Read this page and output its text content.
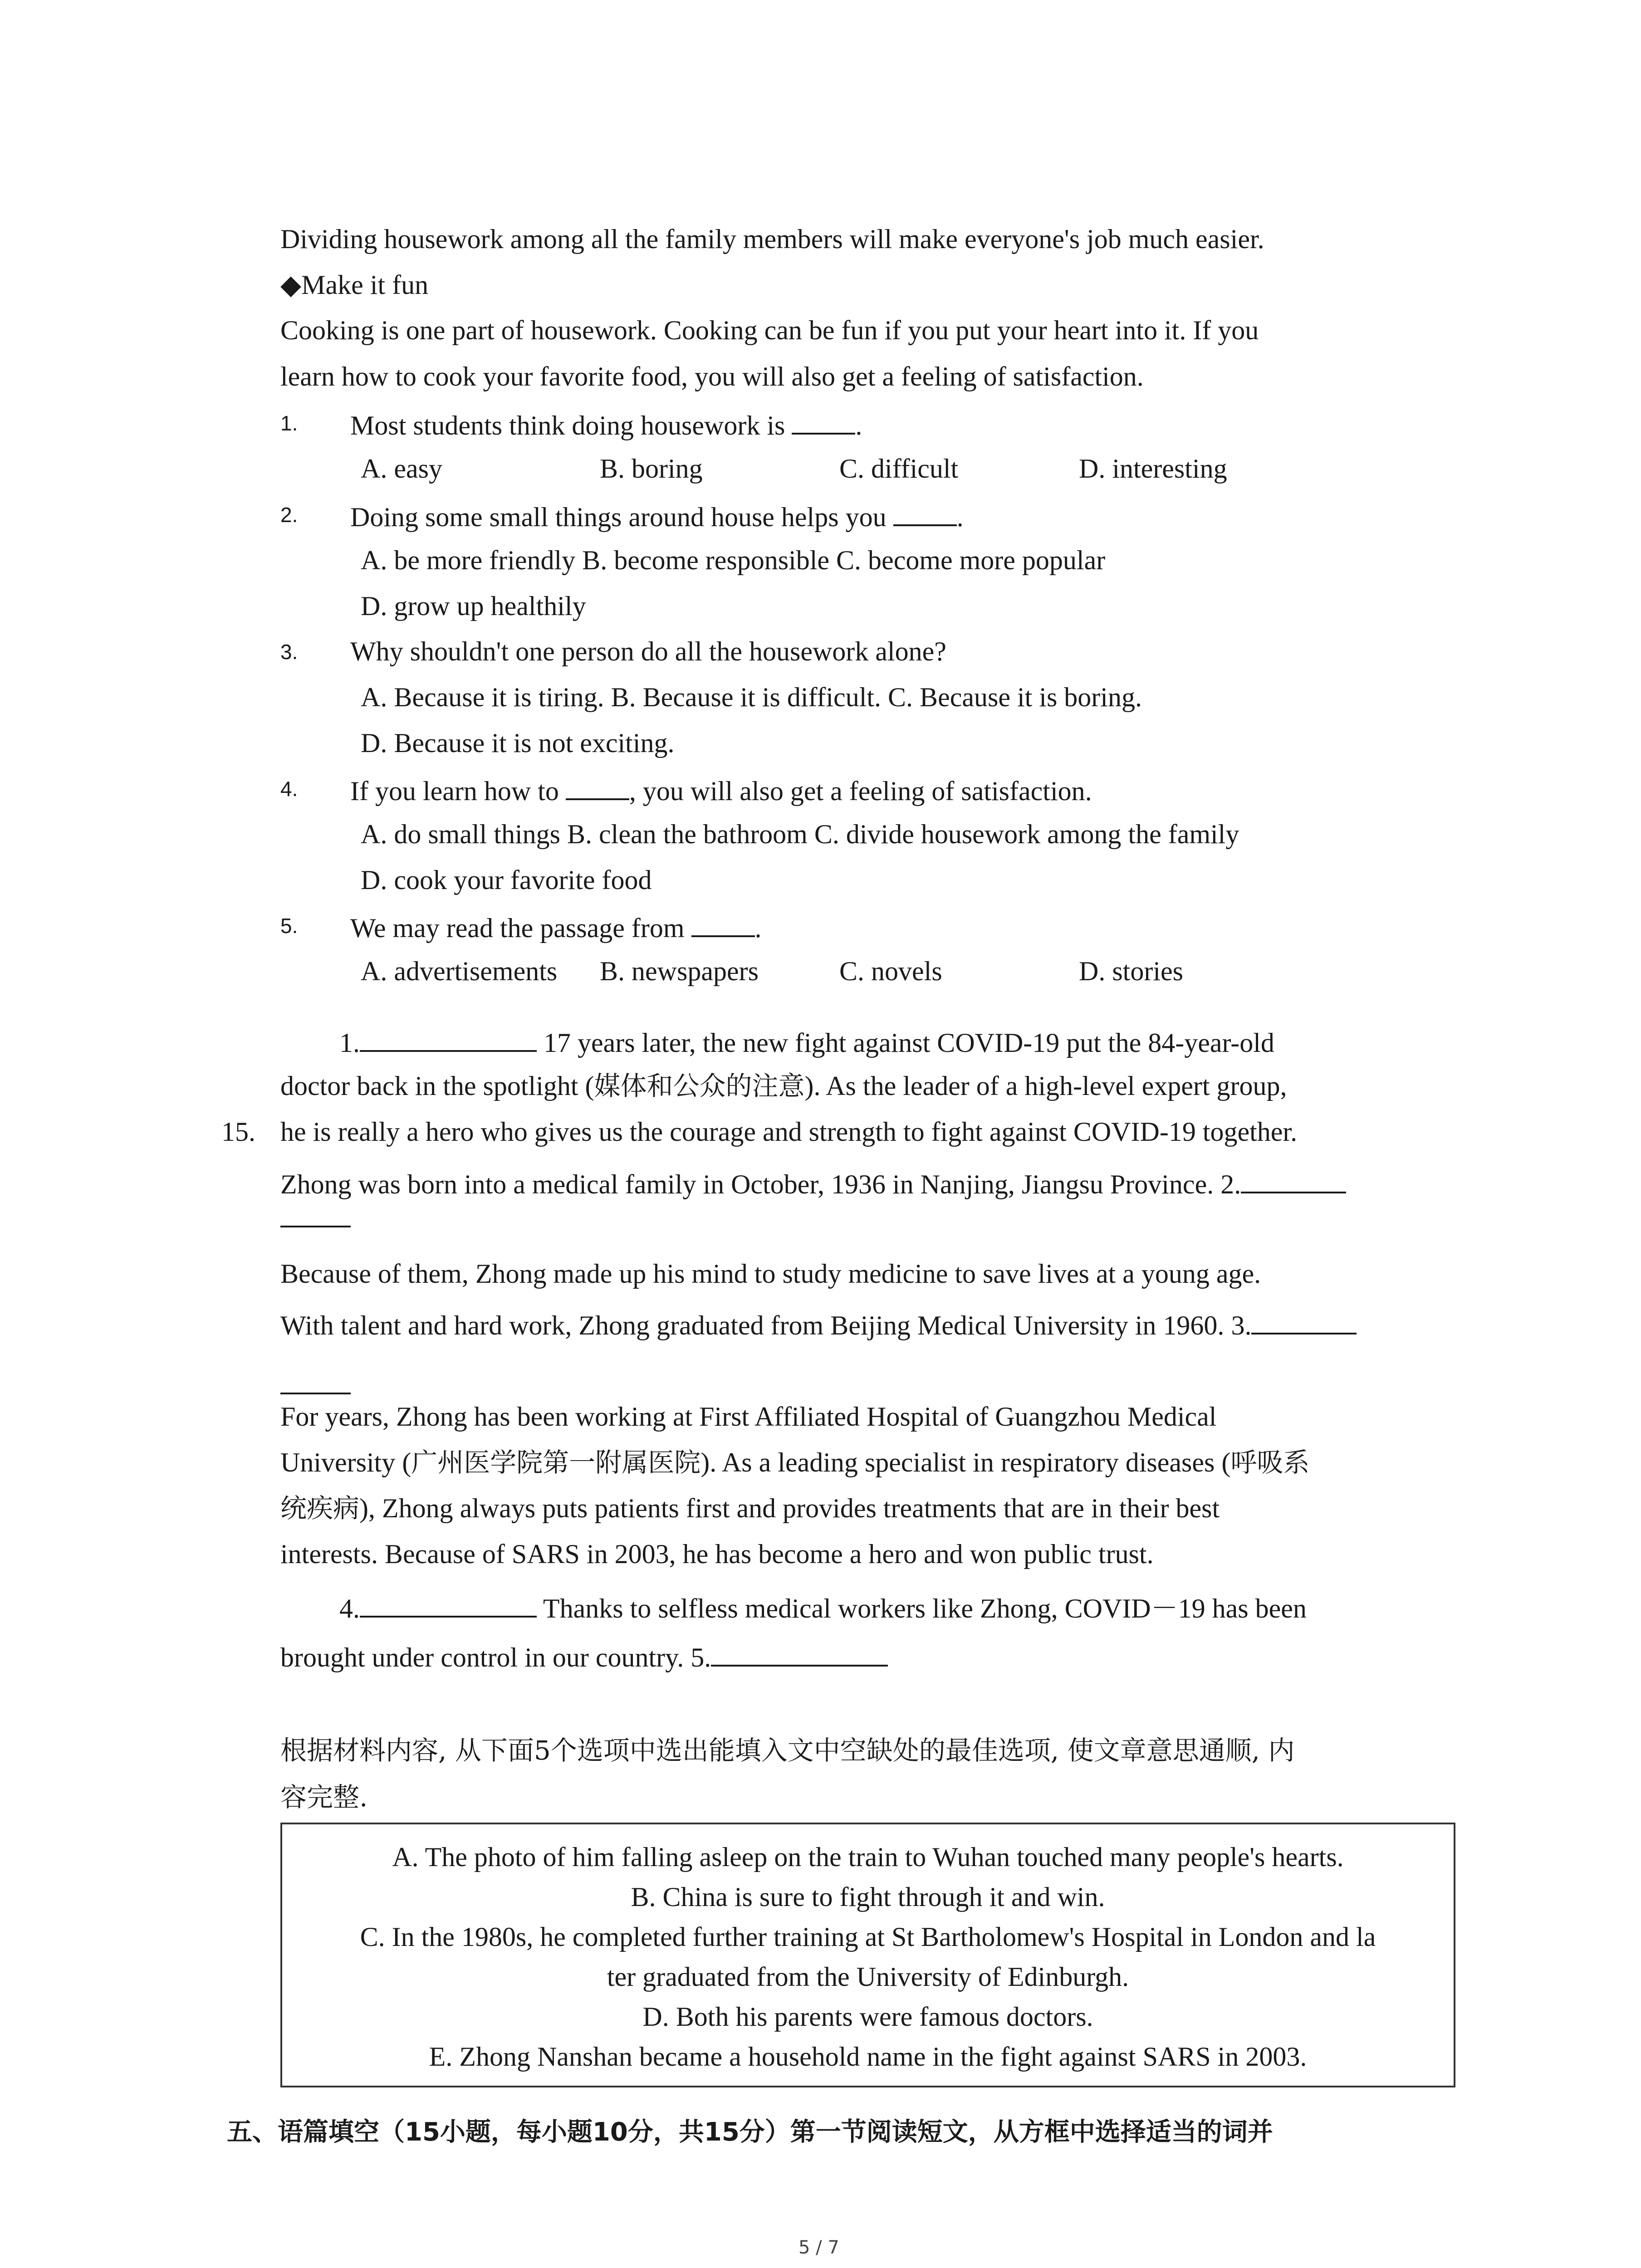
Dividing housework among all the family members will make everyone's job much easier.
◆Make it fun
Cooking is one part of housework. Cooking can be fun if you put your heart into it. If you
learn how to cook your favorite food, you will also get a feeling of satisfaction.
1. Most students think doing housework is .
A. easy	B. boring	C. difficult	D. interesting
2. Doing some small things around house helps you .
A. be more friendly B. become responsible C. become more popular
D. grow up healthily
3. Why shouldn't one person do all the housework alone?
A. Because it is tiring. B. Because it is difficult. C. Because it is boring.
D. Because it is not exciting.
4. If you learn how to , you will also get a feeling of satisfaction.
A. do small things B. clean the bathroom C. divide housework among the family
D. cook your favorite food
5. We may read the passage from .
A. advertisements B. newspapers	C. novels	D. stories
1.	17 years later, the new fight against COVID-19 put the 84-year-old
doctor back in the spotlight (媒体和公众的注意). As the leader of a high-level expert group,
15. he is really a hero who gives us the courage and strength to fight against COVID-19 together.
Zhong was born into a medical family in October, 1936 in Nanjing, Jiangsu Province. 2.
Because of them, Zhong made up his mind to study medicine to save lives at a young age.
With talent and hard work, Zhong graduated from Beijing Medical University in 1960. 3.
For years, Zhong has been working at First Affiliated Hospital of Guangzhou Medical
University (广州医学院第一附属医院). As a leading specialist in respiratory diseases (呼吸系
统疾病), Zhong always puts patients first and provides treatments that are in their best
interests. Because of SARS in 2003, he has become a hero and won public trust.
4.	Thanks to selfless medical workers like Zhong, COVID－19 has been
brought under control in our country. 5.
根据材料内容, 从下面5个选项中选出能填入文中空缺处的最佳选项, 使文章意思通顺, 内
容完整.
A. The photo of him falling asleep on the train to Wuhan touched many people's hearts.
B. China is sure to fight through it and win.
C. In the 1980s, he completed further training at St Bartholomew's Hospital in London and la
ter graduated from the University of Edinburgh.
D. Both his parents were famous doctors.
E. Zhong Nanshan became a household name in the fight against SARS in 2003.
五、语篇填空（15小题，每小题10分，共15分）第一节阅读短文，从方框中选择适当的词并
5 / 7
